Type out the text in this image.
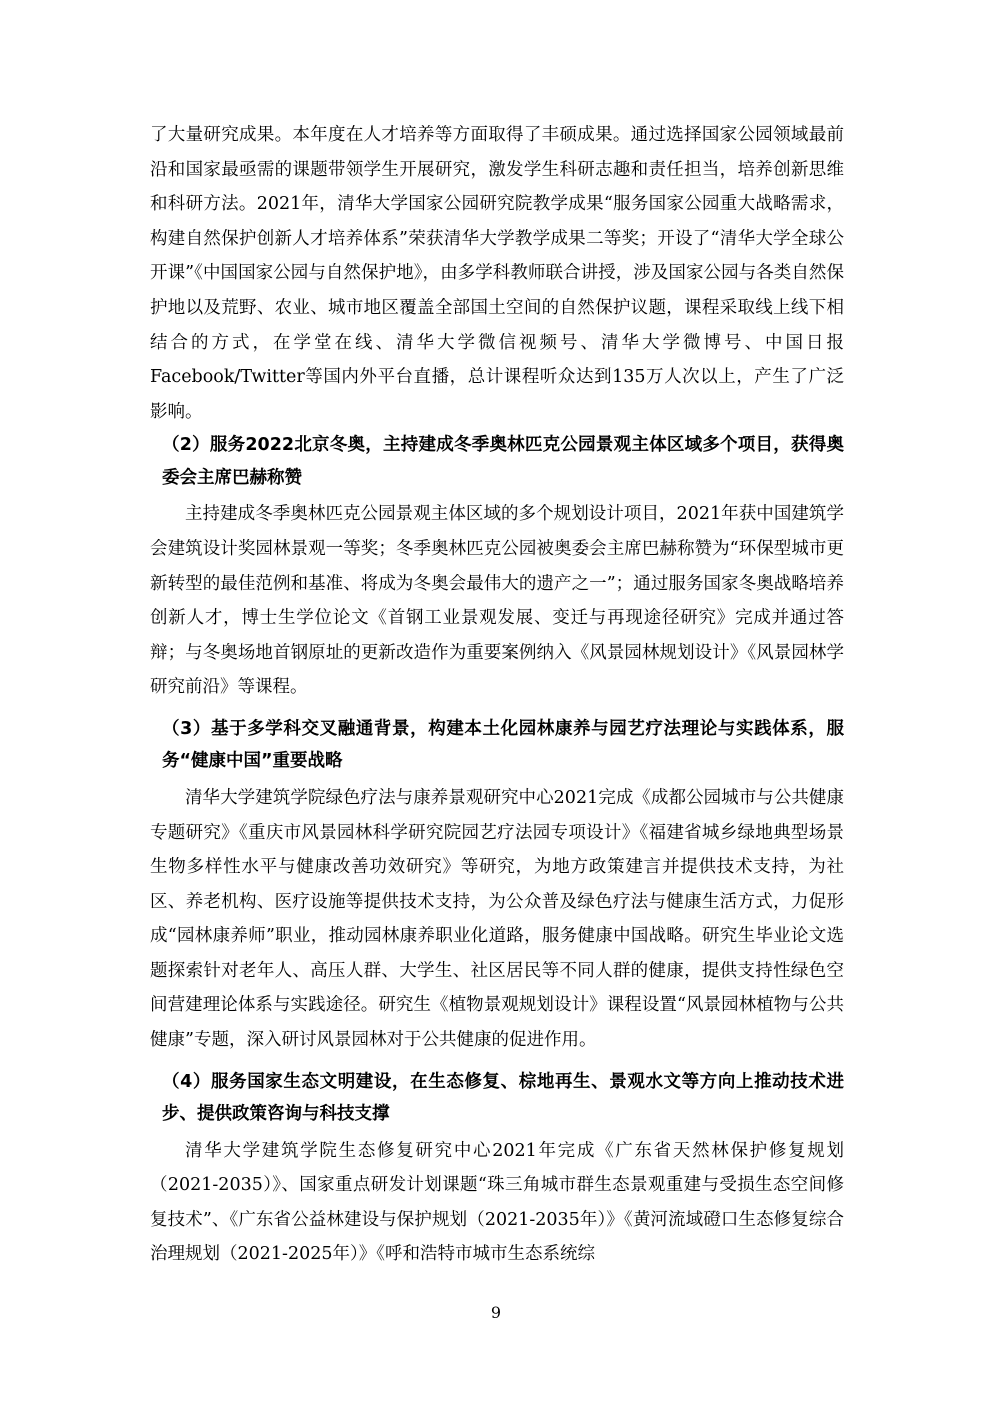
了大量研究成果。本年度在人才培养等方面取得了丰硕成果。通过选择国家公园领域最前沿和国家最亟需的课题带领学生开展研究，激发学生科研志趣和责任担当，培养创新思维和科研方法。2021年，清华大学国家公园研究院教学成果“服务国家公园重大战略需求，构建自然保护创新人才培养体系”荣获清华大学教学成果二等奖；开设了“清华大学全球公开课”《中国国家公园与自然保护地》，由多学科教师联合讲授，涉及国家公园与各类自然保护地以及荒野、农业、城市地区覆盖全部国土空间的自然保护议题，课程采取线上线下相结合的方式，在学堂在线、清华大学微信视频号、清华大学微博号、中国日报Facebook/Twitter等国内外平台直播，总计课程听众达到135万人次以上，产生了广泛影响。

（2）服务2022北京冬奥，主持建成冬季奥林匹克公园景观主体区域多个项目，获得奥委会主席巴赫称赞

主持建成冬季奥林匹克公园景观主体区域的多个规划设计项目，2021年获中国建筑学会建筑设计奖园林景观一等奖；冬季奥林匹克公园被奥委会主席巴赫称赞为“环保型城市更新转型的最佳范例和基准、将成为冬奥会最伟大的遗产之一”；通过服务国家冬奥战略培养创新人才，博士生学位论文《首钢工业景观发展、变迁与再现途径研究》完成并通过答辩；与冬奥场地首钢原址的更新改造作为重要案例纳入《风景园林规划设计》《风景园林学研究前沿》等课程。

（3）基于多学科交叉融通背景，构建本土化园林康养与园艺疗法理论与实践体系，服务“健康中国”重要战略

清华大学建筑学院绿色疗法与康养景观研究中心2021完成《成都公园城市与公共健康专题研究》《重庆市风景园林科学研究院园艺疗法园专项设计》《福建省城乡绿地典型场景生物多样性水平与健康改善功效研究》等研究，为地方政策建言并提供技术支持，为社区、养老机构、医疗设施等提供技术支持，为公众普及绿色疗法与健康生活方式，力促形成“园林康养师”职业，推动园林康养职业化道路，服务健康中国战略。研究生毕业论文选题探索针对老年人、高压人群、大学生、社区居民等不同人群的健康，提供支持性绿色空间营建理论体系与实践途径。研究生《植物景观规划设计》课程设置“风景园林植物与公共健康”专题，深入研讨风景园林对于公共健康的促进作用。

（4）服务国家生态文明建设，在生态修复、棕地再生、景观水文等方向上推动技术进步、提供政策咨询与科技支撑

清华大学建筑学院生态修复研究中心2021年完成《广东省天然林保护修复规划（2021-2035）》、国家重点研发计划课题“珠三角城市群生态景观重建与受损生态空间修复技术”、《广东省公益林建设与保护规划（2021-2035年）》《黄河流域磴口生态修复综合治理规划（2021-2025年）》《呼和浩特市城市生态系统综

9
